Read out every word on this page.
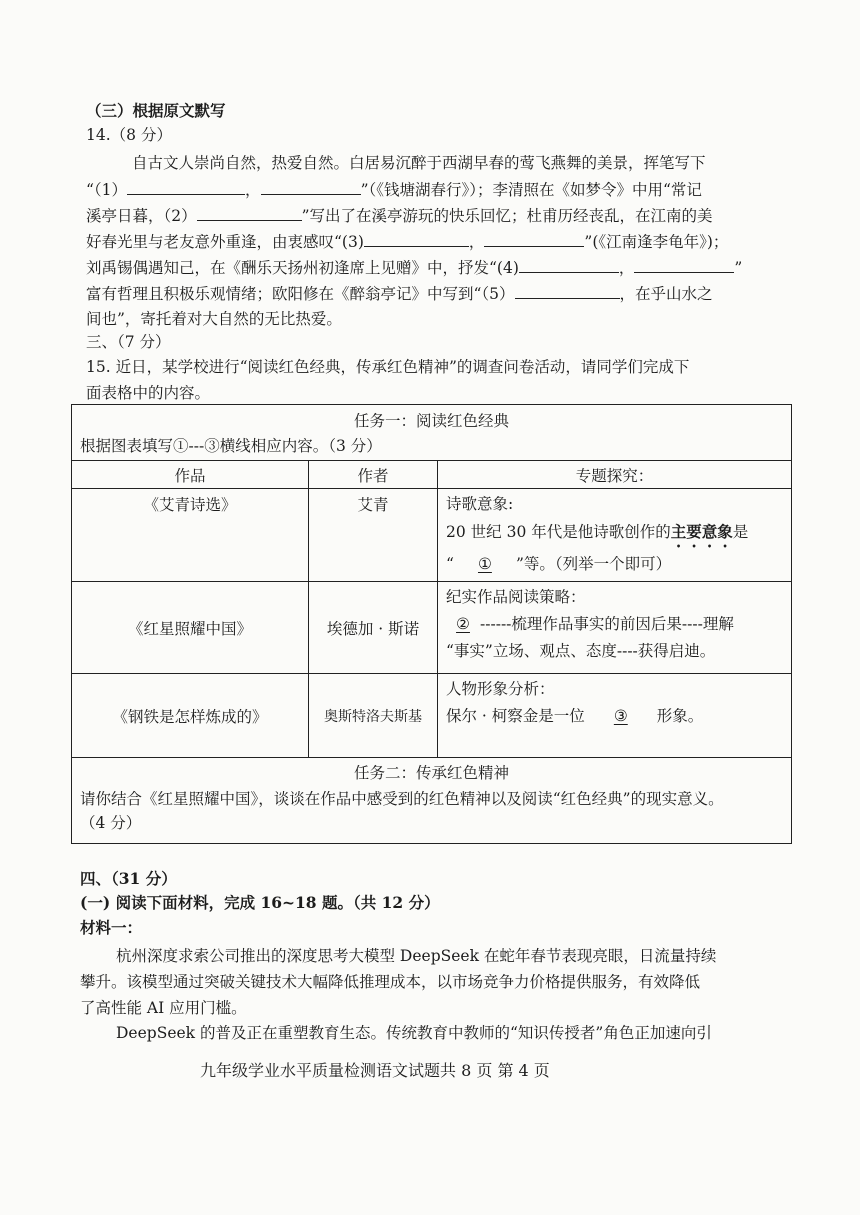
（三）根据原文默写
14.（8 分）
自古文人崇尚自然，热爱自然。白居易沉醉于西湖早春的莺飞燕舞的美景，挥笔写下
“（1）	，	”（《钱塘湖春行》）；李清照在《如梦令》中用“常记
溪亭日暮，（2）	”写出了在溪亭游玩的快乐回忆；杜甫历经丧乱，在江南的美
好春光里与老友意外重逢，由衷感叹“(3)	，	”(《江南逢李龟年》)；
刘禹锡偶遇知己，在《酬乐天扬州初逢席上见赠》中，抒发“(4)	，	”
富有哲理且积极乐观情绪；欧阳修在《醉翁亭记》中写到“（5）	，在乎山水之
间也”，寄托着对大自然的无比热爱。
三、（7 分）
15. 近日，某学校进行“阅读红色经典，传承红色精神”的调查问卷活动，请同学们完成下
面表格中的内容。
任务一：阅读红色经典
根据图表填写①---③横线相应内容。（3 分）		

作品	作者	专题探究：
《艾青诗选》	艾青	诗歌意象:
20 世纪 30 年代是他诗歌创作的主要意象是
“ ① ”等。（列举一个即可）

《红星照耀中国》	埃德加 · 斯诺	纪实作品阅读策略：
② ------梳理作品事实的前因后果----理解
“事实”立场、观点、态度----获得启迪。

《钢铁是怎样炼成的》	奥斯特洛夫斯基	人物形象分析：
保尔 · 柯察金是一位 ③ 形象。

任务二：传承红色精神
请你结合《红星照耀中国》，谈谈在作品中感受到的红色精神以及阅读“红色经典”的现实意义。
（4 分）		
四、（31 分）
(一) 阅读下面材料，完成 16~18 题。（共 12 分）
材料一：
杭州深度求索公司推出的深度思考大模型 DeepSeek 在蛇年春节表现亮眼，日流量持续
攀升。该模型通过突破关键技术大幅降低推理成本，以市场竞争力价格提供服务，有效降低
了高性能 AI 应用门槛。
DeepSeek 的普及正在重塑教育生态。传统教育中教师的“知识传授者”角色正加速向引
九年级学业水平质量检测语文试题共 8 页 第 4 页
